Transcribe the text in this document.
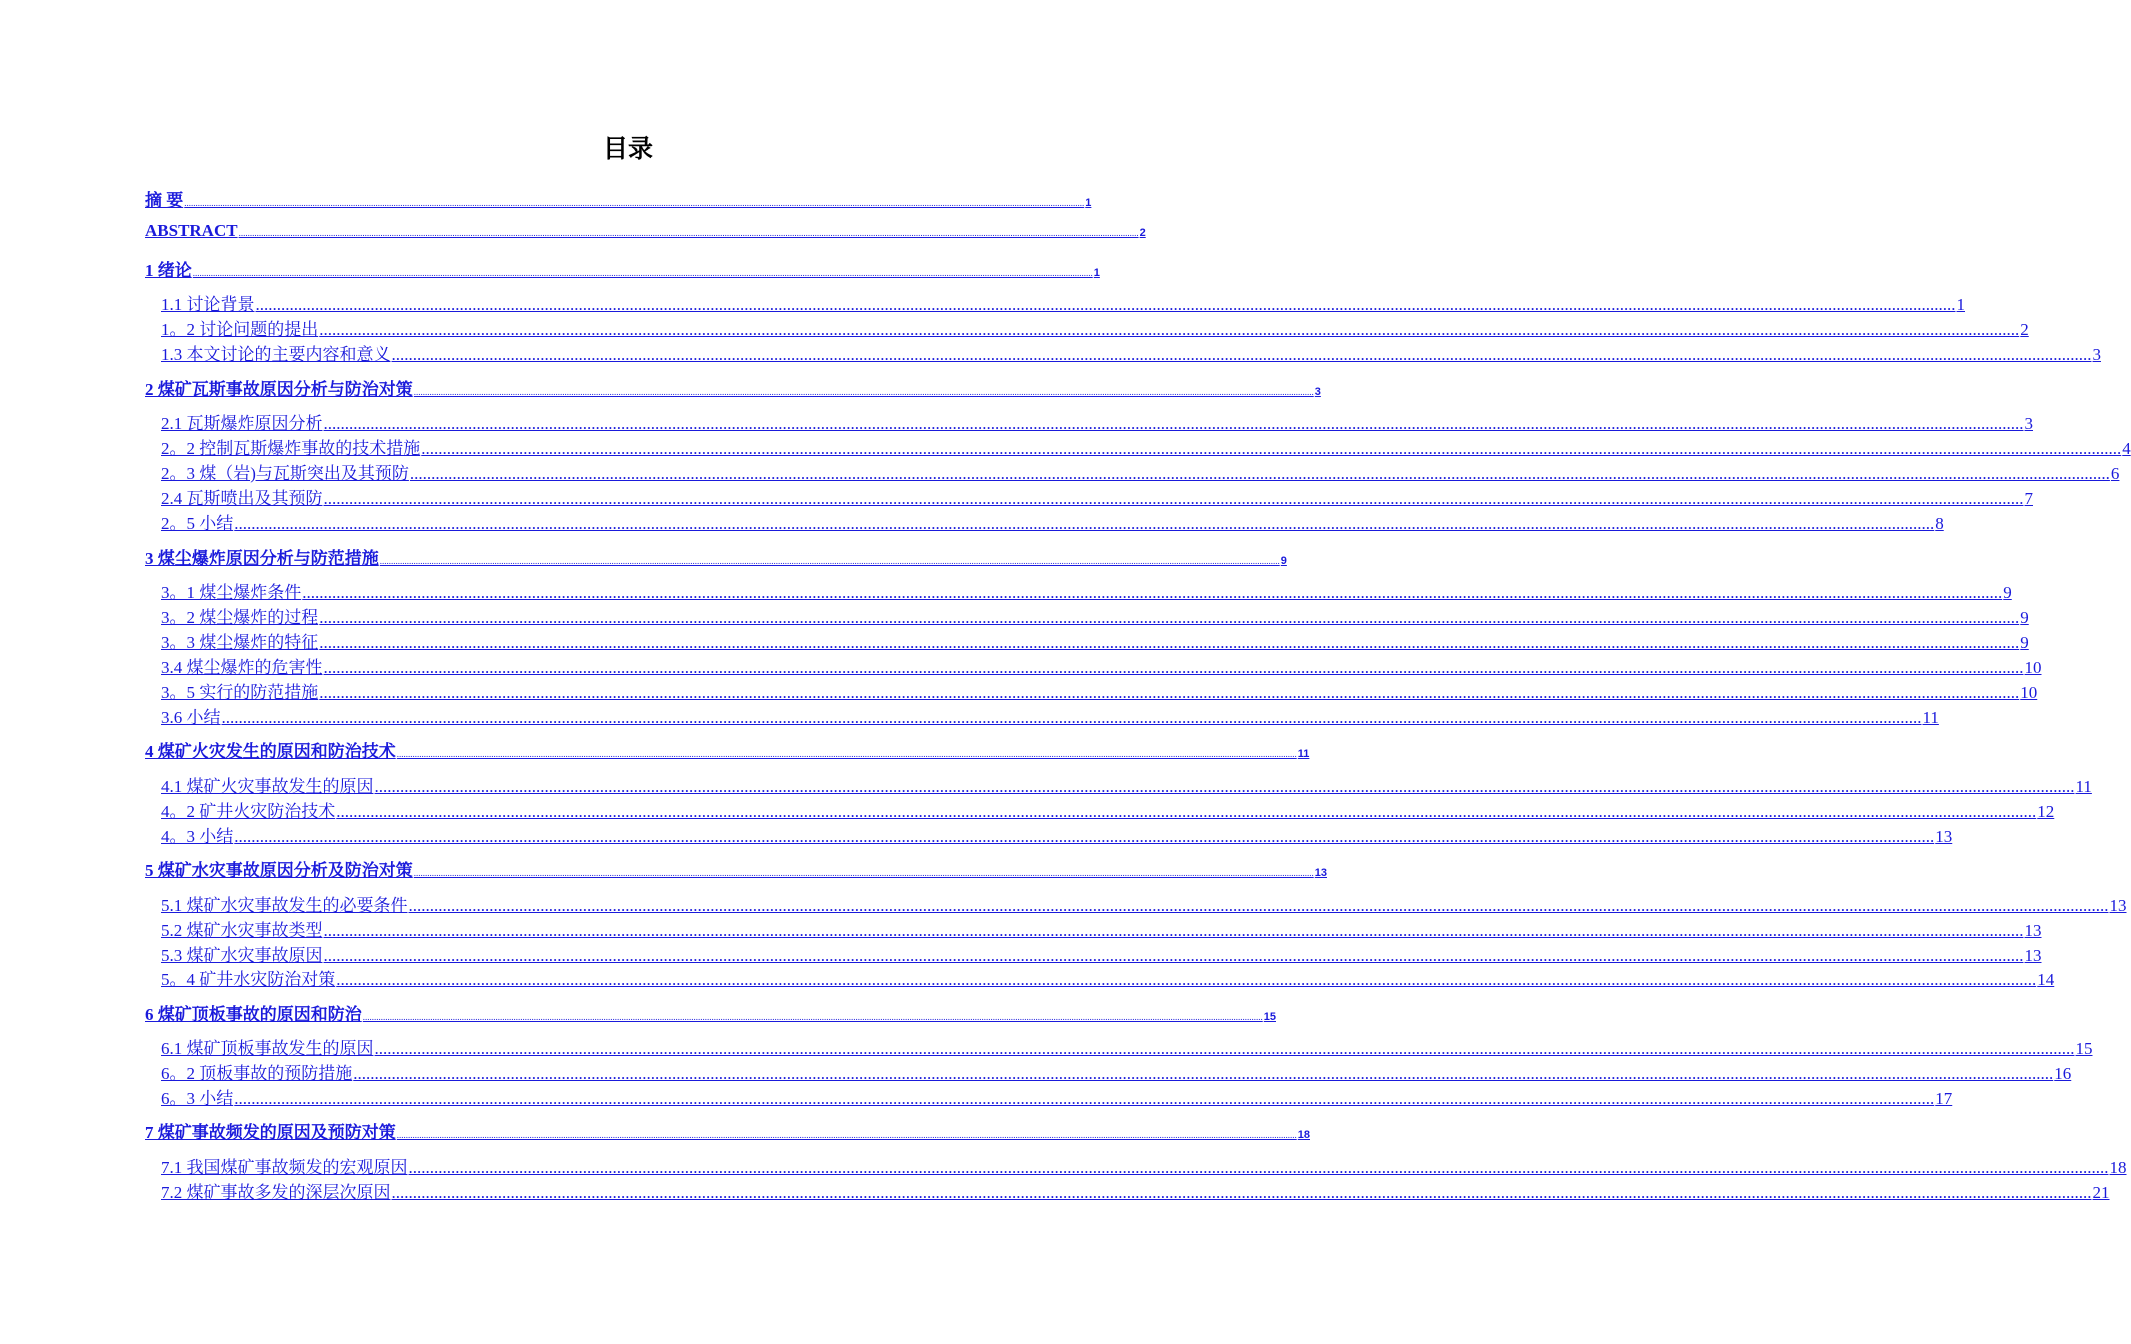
目录
摘 要 ................................................................................................................................................................................................................................................................................................................................................................................................................ 1
ABSTRACT ................................................................................................................................................................................................................................................................................................................................................................................................................ 2
1 绪论 ................................................................................................................................................................................................................................................................................................................................................................................................................ 1
1.1 讨论背景 ................................................................................................................................................................................................................................................................................................................................................................................................................ 1
1。2 讨论问题的提出 ................................................................................................................................................................................................................................................................................................................................................................................................................ 2
1.3 本文讨论的主要内容和意义 ................................................................................................................................................................................................................................................................................................................................................................................................................ 3
2 煤矿瓦斯事故原因分析与防治对策 ................................................................................................................................................................................................................................................................................................................................................................................................................ 3
2.1 瓦斯爆炸原因分析 ................................................................................................................................................................................................................................................................................................................................................................................................................ 3
2。2 控制瓦斯爆炸事故的技术措施 ................................................................................................................................................................................................................................................................................................................................................................................................................ 4
2。3 煤（岩)与瓦斯突出及其预防 ................................................................................................................................................................................................................................................................................................................................................................................................................ 6
2.4 瓦斯喷出及其预防 ................................................................................................................................................................................................................................................................................................................................................................................................................ 7
2。5 小结 ................................................................................................................................................................................................................................................................................................................................................................................................................ 8
3 煤尘爆炸原因分析与防范措施 ................................................................................................................................................................................................................................................................................................................................................................................................................ 9
3。1 煤尘爆炸条件 ................................................................................................................................................................................................................................................................................................................................................................................................................ 9
3。2 煤尘爆炸的过程 ................................................................................................................................................................................................................................................................................................................................................................................................................ 9
3。3 煤尘爆炸的特征 ................................................................................................................................................................................................................................................................................................................................................................................................................ 9
3.4 煤尘爆炸的危害性 ................................................................................................................................................................................................................................................................................................................................................................................................................ 10
3。5 实行的防范措施 ................................................................................................................................................................................................................................................................................................................................................................................................................ 10
3.6 小结 ................................................................................................................................................................................................................................................................................................................................................................................................................ 11
4 煤矿火灾发生的原因和防治技术 ................................................................................................................................................................................................................................................................................................................................................................................................................ 11
4.1 煤矿火灾事故发生的原因 ................................................................................................................................................................................................................................................................................................................................................................................................................ 11
4。2 矿井火灾防治技术 ................................................................................................................................................................................................................................................................................................................................................................................................................ 12
4。3 小结 ................................................................................................................................................................................................................................................................................................................................................................................................................ 13
5 煤矿水灾事故原因分析及防治对策 ................................................................................................................................................................................................................................................................................................................................................................................................................ 13
5.1 煤矿水灾事故发生的必要条件 ................................................................................................................................................................................................................................................................................................................................................................................................................ 13
5.2 煤矿水灾事故类型 ................................................................................................................................................................................................................................................................................................................................................................................................................ 13
5.3 煤矿水灾事故原因 ................................................................................................................................................................................................................................................................................................................................................................................................................ 13
5。4 矿井水灾防治对策 ................................................................................................................................................................................................................................................................................................................................................................................................................ 14
6 煤矿顶板事故的原因和防治 ................................................................................................................................................................................................................................................................................................................................................................................................................ 15
6.1 煤矿顶板事故发生的原因 ................................................................................................................................................................................................................................................................................................................................................................................................................ 15
6。2 顶板事故的预防措施 ................................................................................................................................................................................................................................................................................................................................................................................................................ 16
6。3 小结 ................................................................................................................................................................................................................................................................................................................................................................................................................ 17
7 煤矿事故频发的原因及预防对策 ................................................................................................................................................................................................................................................................................................................................................................................................................ 18
7.1 我国煤矿事故频发的宏观原因 ................................................................................................................................................................................................................................................................................................................................................................................................................ 18
7.2 煤矿事故多发的深层次原因 ................................................................................................................................................................................................................................................................................................................................................................................................................ 21
